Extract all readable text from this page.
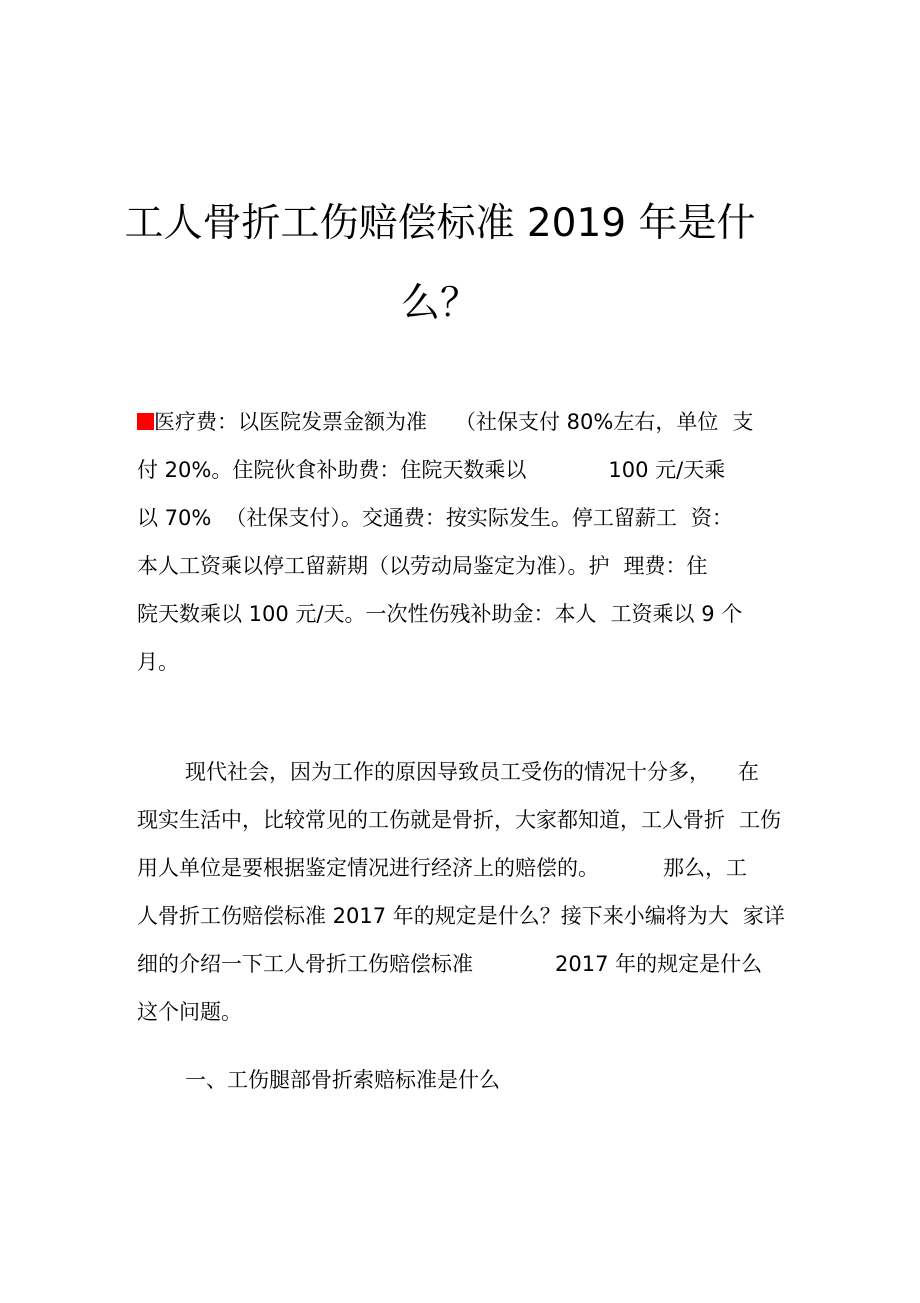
工人骨折工伤赔偿标准 2019 年是什
么？

医疗费：以医院发票金额为准 （社保支付 80%左右，单位 支

付 20%。住院伙食补助费：住院天数乘以	100 元/天乘

以 70% （社保支付）。交通费：按实际发生。停工留薪工 资：

本人工资乘以停工留薪期（以劳动局鉴定为准）。护 理费：住

院天数乘以 100 元/天。一次性伤残补助金：本人 工资乘以 9 个

月。

现代社会，因为工作的原因导致员工受伤的情况十分多， 在

现实生活中，比较常见的工伤就是骨折，大家都知道，工人骨折 工伤

用人单位是要根据鉴定情况进行经济上的赔偿的。	那么，工

人骨折工伤赔偿标准 2017 年的规定是什么？接下来小编将为大 家详

细的介绍一下工人骨折工伤赔偿标准	2017 年的规定是什么

这个问题。

一、工伤腿部骨折索赔标准是什么
